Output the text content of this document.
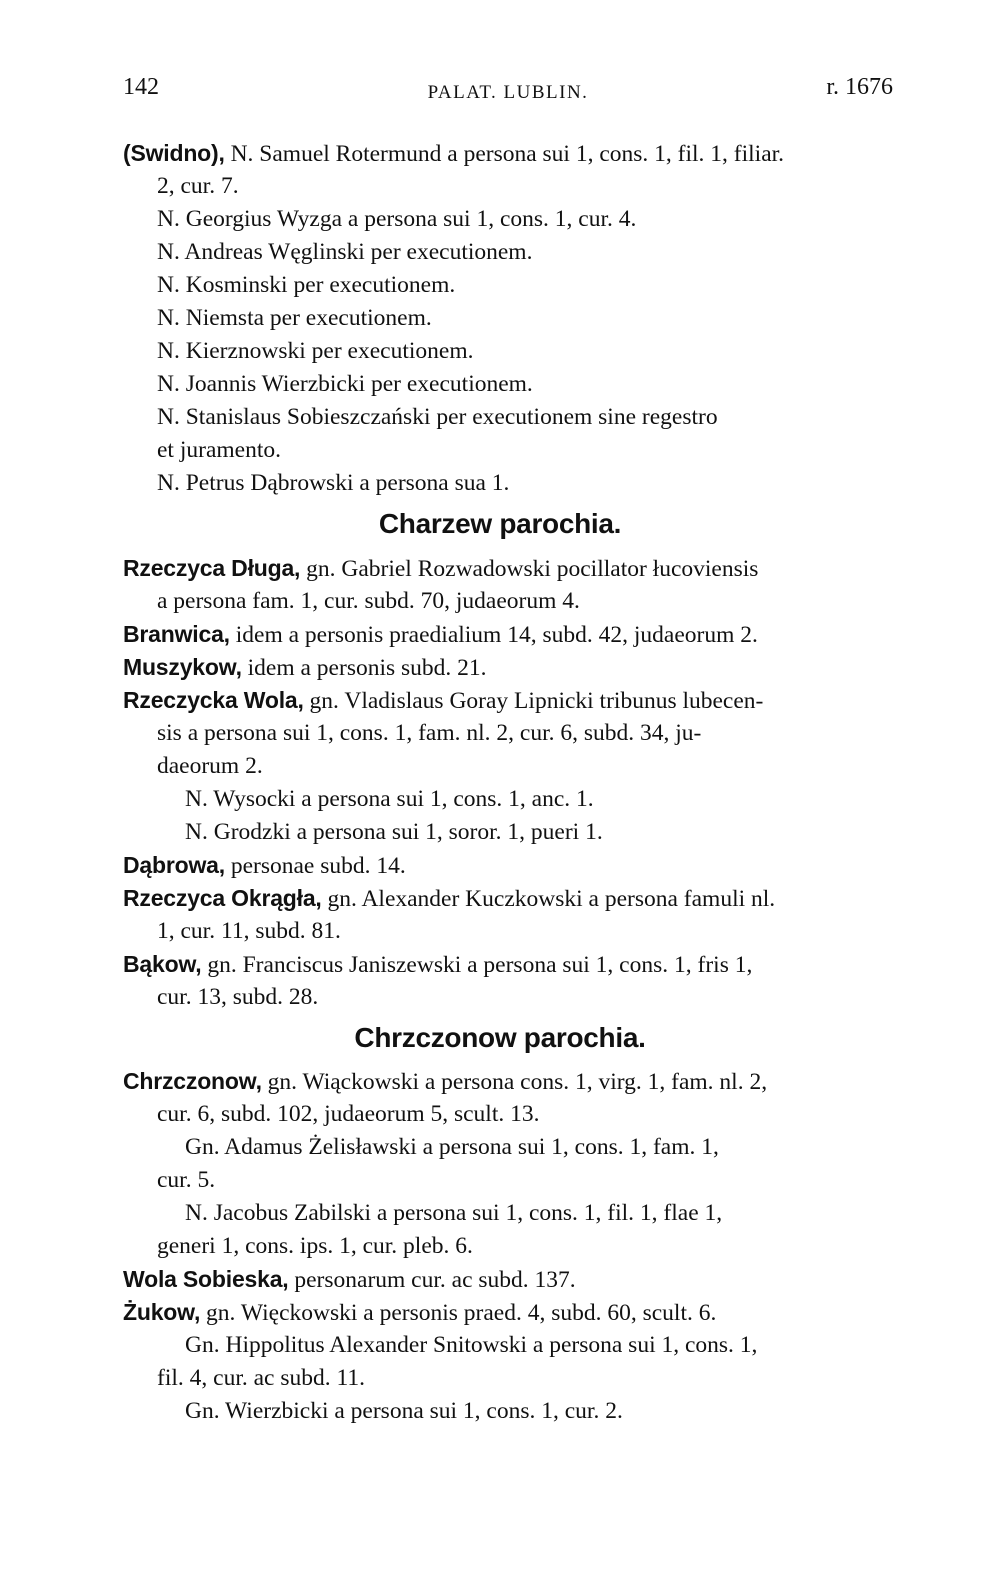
142	PALAT. LUBLIN.	r. 1676
(Swidno), N. Samuel Rotermund a persona sui 1, cons. 1, fil. 1, filiar.
2, cur. 7.
N. Georgius Wyzga a persona sui 1, cons. 1, cur. 4.
N. Andreas Węglinski per executionem.
N. Kosminski per executionem.
N. Niemsta per executionem.
N. Kierznowski per executionem.
N. Joannis Wierzbicki per executionem.
N. Stanislaus Sobieszczański per executionem sine regestro
et juramento.
N. Petrus Dąbrowski a persona sua 1.
Charzew parochia.
Rzeczyca Długa, gn. Gabriel Rozwadowski pocillator łucoviensis
a persona fam. 1, cur. subd. 70, judaeorum 4.
Branwica, idem a personis praedialium 14, subd. 42, judaeorum 2.
Muszykow, idem a personis subd. 21.
Rzeczycka Wola, gn. Vladislaus Goray Lipnicki tribunus lubecen-
sis a persona sui 1, cons. 1, fam. nl. 2, cur. 6, subd. 34, ju-
daeorum 2.
N. Wysocki a persona sui 1, cons. 1, anc. 1.
N. Grodzki a persona sui 1, soror. 1, pueri 1.
Dąbrowa, personae subd. 14.
Rzeczyca Okrągła, gn. Alexander Kuczkowski a persona famuli nl.
1, cur. 11, subd. 81.
Bąkow, gn. Franciscus Janiszewski a persona sui 1, cons. 1, fris 1,
cur. 13, subd. 28.
Chrzczonow parochia.
Chrzczonow, gn. Wiąckowski a persona cons. 1, virg. 1, fam. nl. 2,
cur. 6, subd. 102, judaeorum 5, scult. 13.
Gn. Adamus Żelisławski a persona sui 1, cons. 1, fam. 1,
cur. 5.
N. Jacobus Zabilski a persona sui 1, cons. 1, fil. 1, flae 1,
generi 1, cons. ips. 1, cur. pleb. 6.
Wola Sobieska, personarum cur. ac subd. 137.
Żukow, gn. Więckowski a personis praed. 4, subd. 60, scult. 6.
Gn. Hippolitus Alexander Snitowski a persona sui 1, cons. 1,
fil. 4, cur. ac subd. 11.
Gn. Wierzbicki a persona sui 1, cons. 1, cur. 2.
